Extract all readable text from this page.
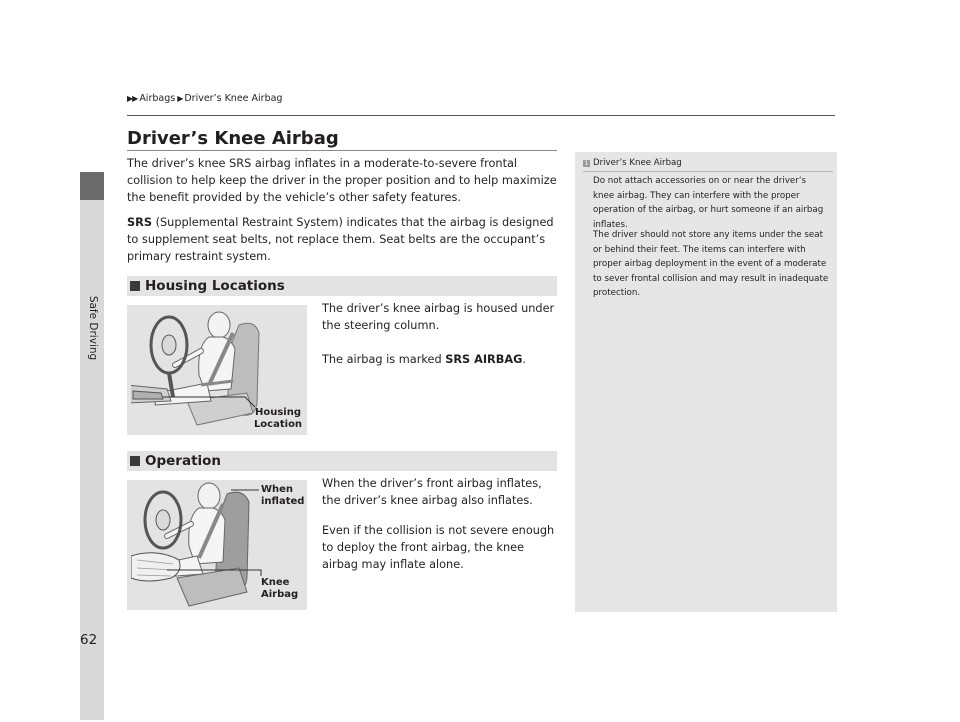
Safe Driving
62
▶▶ Airbags ▶ Driver’s Knee Airbag
Driver’s Knee Airbag

The driver’s knee SRS airbag inflates in a moderate-to-severe frontal collision to help keep the driver in the proper position and to help maximize the benefit provided by the vehicle’s other safety features.

SRS (Supplemental Restraint System) indicates that the airbag is designed to supplement seat belts, not replace them. Seat belts are the occupant’s primary restraint system.

Housing Locations
Housing
Location

The driver’s knee airbag is housed under the steering column.

The airbag is marked SRS AIRBAG.

Operation
When
inflated
Knee
Airbag

When the driver’s front airbag inflates, the driver’s knee airbag also inflates.

Even if the collision is not severe enough to deploy the front airbag, the knee airbag may inflate alone.

1 Driver’s Knee Airbag

Do not attach accessories on or near the driver’s knee airbag. They can interfere with the proper operation of the airbag, or hurt someone if an airbag inflates.

The driver should not store any items under the seat or behind their feet. The items can interfere with proper airbag deployment in the event of a moderate to sever frontal collision and may result in inadequate protection.
